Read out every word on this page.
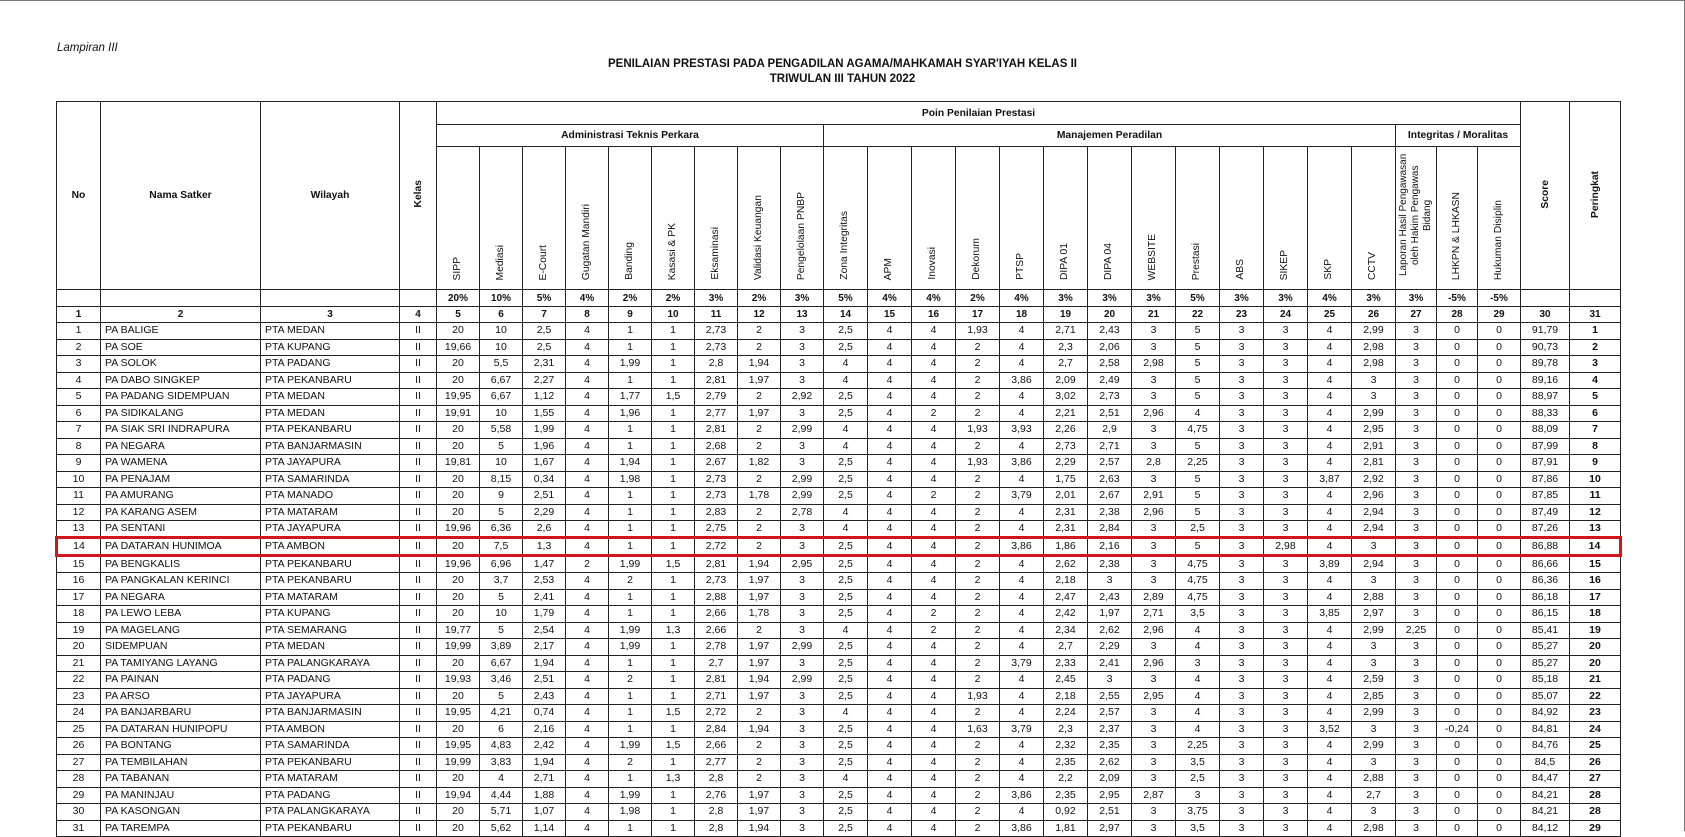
Lampiran III
PENILAIAN PRESTASI PADA PENGADILAN AGAMA/MAHKAMAH SYAR'IYAH KELAS II
TRIWULAN III TAHUN 2022
No	Nama Satker	Wilayah	Kelas	Poin Penilaian Prestasi																									Score	Peringkat
				Administrasi Teknis Perkara									Manajemen Peradilan													Integritas / Moralitas				
				SIPP	Mediasi	E-Court	Gugatan Mandiri	Banding	Kasasi & PK	Eksaminasi	Validasi Keuangan	Pengelolaan PNBP	Zona Integritas	APM	Inovasi	Dekorum	PTSP	DIPA 01	DIPA 04	WEBSITE	Prestasi	ABS	SIKEP	SKP	CCTV	Laporan Hasil Pengawasan oleh Hakim Pengawas Bidang	LHKPN & LHKASN	Hukuman Disiplin		
				20%	10%	5%	4%	2%	2%	3%	2%	3%	5%	4%	4%	2%	4%	3%	3%	3%	5%	3%	3%	4%	3%	3%	-5%	-5%		
1	2	3	4	5	6	7	8	9	10	11	12	13	14	15	16	17	18	19	20	21	22	23	24	25	26	27	28	29	30	31
1	PA BALIGE	PTA MEDAN	II	20	10	2,5	4	1	1	2,73	2	3	2,5	4	4	1,93	4	2,71	2,43	3	5	3	3	4	2,99	3	0	0	91,79	1
2	PA SOE	PTA KUPANG	II	19,66	10	2,5	4	1	1	2,73	2	3	2,5	4	4	2	4	2,3	2,06	3	5	3	3	4	2,98	3	0	0	90,73	2
3	PA SOLOK	PTA PADANG	II	20	5,5	2,31	4	1,99	1	2,8	1,94	3	4	4	4	2	4	2,7	2,58	2,98	5	3	3	4	2,98	3	0	0	89,78	3
4	PA DABO SINGKEP	PTA PEKANBARU	II	20	6,67	2,27	4	1	1	2,81	1,97	3	4	4	4	2	3,86	2,09	2,49	3	5	3	3	4	3	3	0	0	89,16	4
5	PA PADANG SIDEMPUAN	PTA MEDAN	II	19,95	6,67	1,12	4	1,77	1,5	2,79	2	2,92	2,5	4	4	2	4	3,02	2,73	3	5	3	3	4	3	3	0	0	88,97	5
6	PA SIDIKALANG	PTA MEDAN	II	19,91	10	1,55	4	1,96	1	2,77	1,97	3	2,5	4	2	2	4	2,21	2,51	2,96	4	3	3	4	2,99	3	0	0	88,33	6
7	PA SIAK SRI INDRAPURA	PTA PEKANBARU	II	20	5,58	1,99	4	1	1	2,81	2	2,99	4	4	4	1,93	3,93	2,26	2,9	3	4,75	3	3	4	2,95	3	0	0	88,09	7
8	PA NEGARA	PTA BANJARMASIN	II	20	5	1,96	4	1	1	2,68	2	3	4	4	4	2	4	2,73	2,71	3	5	3	3	4	2,91	3	0	0	87,99	8
9	PA WAMENA	PTA JAYAPURA	II	19,81	10	1,67	4	1,94	1	2,67	1,82	3	2,5	4	4	1,93	3,86	2,29	2,57	2,8	2,25	3	3	4	2,81	3	0	0	87,91	9
10	PA PENAJAM	PTA SAMARINDA	II	20	8,15	0,34	4	1,98	1	2,73	2	2,99	2,5	4	4	2	4	1,75	2,63	3	5	3	3	3,87	2,92	3	0	0	87,86	10
11	PA AMURANG	PTA MANADO	II	20	9	2,51	4	1	1	2,73	1,78	2,99	2,5	4	2	2	3,79	2,01	2,67	2,91	5	3	3	4	2,96	3	0	0	87,85	11
12	PA KARANG ASEM	PTA MATARAM	II	20	5	2,29	4	1	1	2,83	2	2,78	4	4	4	2	4	2,31	2,38	2,96	5	3	3	4	2,94	3	0	0	87,49	12
13	PA SENTANI	PTA JAYAPURA	II	19,96	6,36	2,6	4	1	1	2,75	2	3	4	4	4	2	4	2,31	2,84	3	2,5	3	3	4	2,94	3	0	0	87,26	13
14	PA DATARAN HUNIMOA	PTA AMBON	II	20	7,5	1,3	4	1	1	2,72	2	3	2,5	4	4	2	3,86	1,86	2,16	3	5	3	2,98	4	3	3	0	0	86,88	14
15	PA BENGKALIS	PTA PEKANBARU	II	19,96	6,96	1,47	2	1,99	1,5	2,81	1,94	2,95	2,5	4	4	2	4	2,62	2,38	3	4,75	3	3	3,89	2,94	3	0	0	86,66	15
16	PA PANGKALAN KERINCI	PTA PEKANBARU	II	20	3,7	2,53	4	2	1	2,73	1,97	3	2,5	4	4	2	4	2,18	3	3	4,75	3	3	4	3	3	0	0	86,36	16
17	PA NEGARA	PTA MATARAM	II	20	5	2,41	4	1	1	2,88	1,97	3	2,5	4	4	2	4	2,47	2,43	2,89	4,75	3	3	4	2,88	3	0	0	86,18	17
18	PA LEWO LEBA	PTA KUPANG	II	20	10	1,79	4	1	1	2,66	1,78	3	2,5	4	2	2	4	2,42	1,97	2,71	3,5	3	3	3,85	2,97	3	0	0	86,15	18
19	PA MAGELANG	PTA SEMARANG	II	19,77	5	2,54	4	1,99	1,3	2,66	2	3	4	4	2	2	4	2,34	2,62	2,96	4	3	3	4	2,99	2,25	0	0	85,41	19
20	SIDEMPUAN	PTA MEDAN	II	19,99	3,89	2,17	4	1,99	1	2,78	1,97	2,99	2,5	4	4	2	4	2,7	2,29	3	4	3	3	4	3	3	0	0	85,27	20
21	PA TAMIYANG LAYANG	PTA PALANGKARAYA	II	20	6,67	1,94	4	1	1	2,7	1,97	3	2,5	4	4	2	3,79	2,33	2,41	2,96	3	3	3	4	3	3	0	0	85,27	20
22	PA PAINAN	PTA PADANG	II	19,93	3,46	2,51	4	2	1	2,81	1,94	2,99	2,5	4	4	2	4	2,45	3	3	4	3	3	4	2,59	3	0	0	85,18	21
23	PA ARSO	PTA JAYAPURA	II	20	5	2,43	4	1	1	2,71	1,97	3	2,5	4	4	1,93	4	2,18	2,55	2,95	4	3	3	4	2,85	3	0	0	85,07	22
24	PA BANJARBARU	PTA BANJARMASIN	II	19,95	4,21	0,74	4	1	1,5	2,72	2	3	4	4	4	2	4	2,24	2,57	3	4	3	3	4	2,99	3	0	0	84,92	23
25	PA DATARAN HUNIPOPU	PTA AMBON	II	20	6	2,16	4	1	1	2,84	1,94	3	2,5	4	4	1,63	3,79	2,3	2,37	3	4	3	3	3,52	3	3	-0,24	0	84,81	24
26	PA BONTANG	PTA SAMARINDA	II	19,95	4,83	2,42	4	1,99	1,5	2,66	2	3	2,5	4	4	2	4	2,32	2,35	3	2,25	3	3	4	2,99	3	0	0	84,76	25
27	PA TEMBILAHAN	PTA PEKANBARU	II	19,99	3,83	1,94	4	2	1	2,77	2	3	2,5	4	4	2	4	2,35	2,62	3	3,5	3	3	4	3	3	0	0	84,5	26
28	PA TABANAN	PTA MATARAM	II	20	4	2,71	4	1	1,3	2,8	2	3	4	4	4	2	4	2,2	2,09	3	2,5	3	3	4	2,88	3	0	0	84,47	27
29	PA MANINJAU	PTA PADANG	II	19,94	4,44	1,88	4	1,99	1	2,76	1,97	3	2,5	4	4	2	3,86	2,35	2,95	2,87	3	3	3	4	2,7	3	0	0	84,21	28
30	PA KASONGAN	PTA PALANGKARAYA	II	20	5,71	1,07	4	1,98	1	2,8	1,97	3	2,5	4	4	2	4	0,92	2,51	3	3,75	3	3	4	3	3	0	0	84,21	28
31	PA TAREMPA	PTA PEKANBARU	II	20	5,62	1,14	4	1	1	2,8	1,94	3	2,5	4	4	2	3,86	1,81	2,97	3	3,5	3	3	4	2,98	3	0	0	84,12	29
